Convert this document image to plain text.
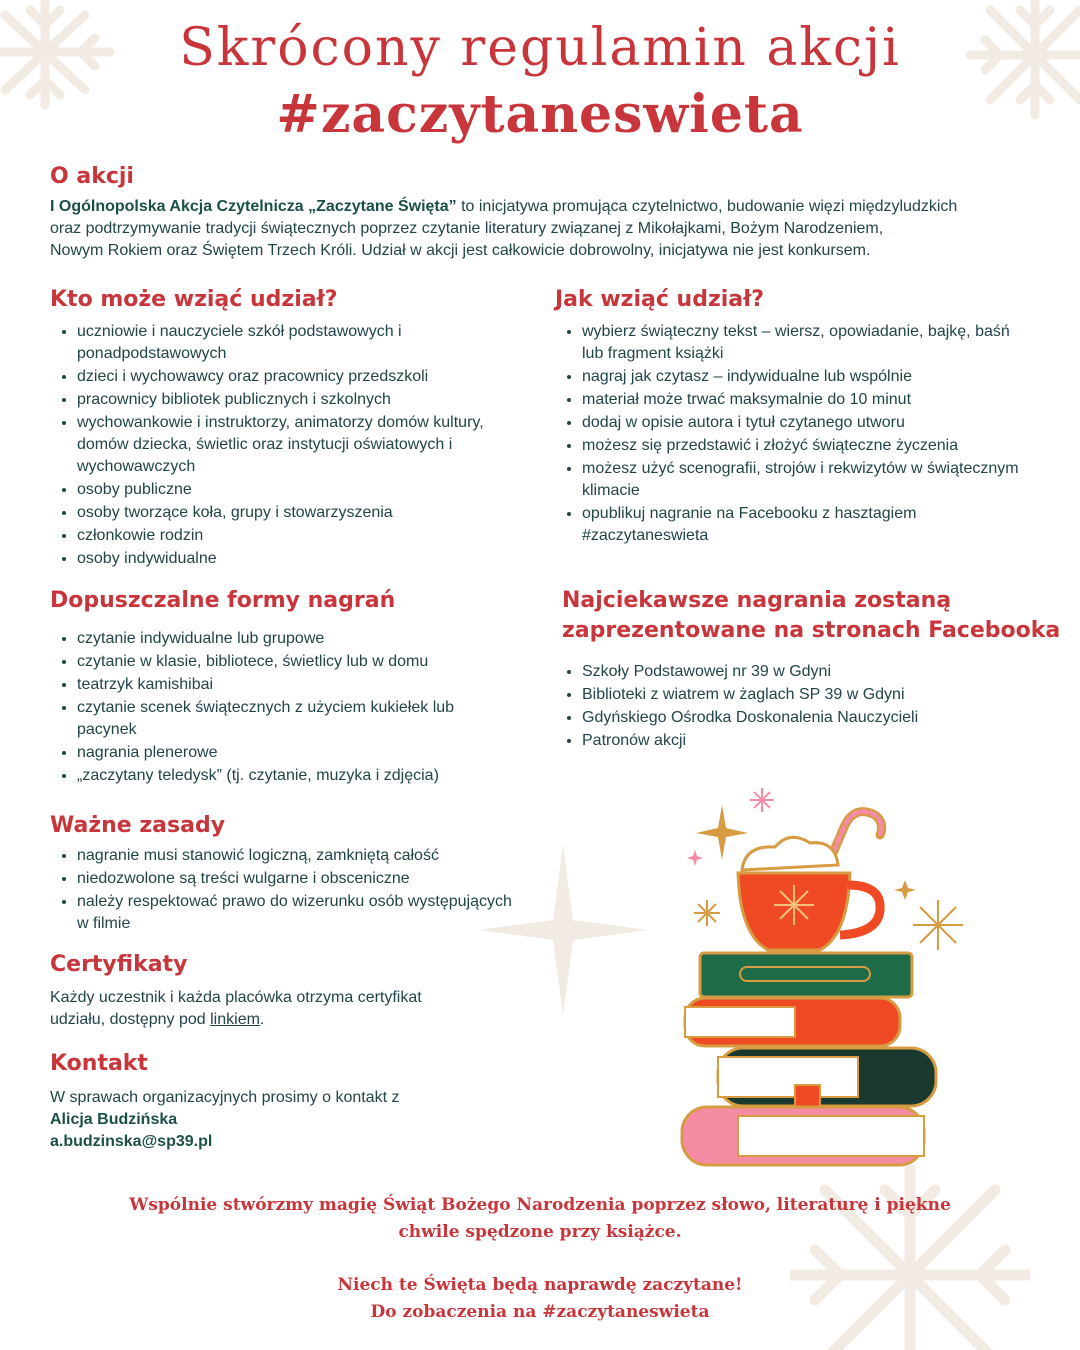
Skrócony regulamin akcji
#zaczytaneswieta
O akcji

I Ogólnopolska Akcja Czytelnicza „Zaczytane Święta” to inicjatywa promująca czytelnictwo, budowanie więzi międzyludzkich
oraz podtrzymywanie tradycji świątecznych poprzez czytanie literatury związanej z Mikołajkami, Bożym Narodzeniem,
Nowym Rokiem oraz Świętem Trzech Króli. Udział w akcji jest całkowicie dobrowolny, inicjatywa nie jest konkursem.

Kto może wziąć udział?
• uczniowie i nauczyciele szkół podstawowych i ponadpodstawowych
• dzieci i wychowawcy oraz pracownicy przedszkoli
• pracownicy bibliotek publicznych i szkolnych
• wychowankowie i instruktorzy, animatorzy domów kultury, domów dziecka, świetlic oraz instytucji oświatowych i wychowawczych
• osoby publiczne
• osoby tworzące koła, grupy i stowarzyszenia
• członkowie rodzin
• osoby indywidualne
Jak wziąć udział?
• wybierz świąteczny tekst – wiersz, opowiadanie, bajkę, baśń lub fragment książki
• nagraj jak czytasz – indywidualne lub wspólnie
• materiał może trwać maksymalnie do 10 minut
• dodaj w opisie autora i tytuł czytanego utworu
• możesz się przedstawić i złożyć świąteczne życzenia
• możesz użyć scenografii, strojów i rekwizytów w świątecznym klimacie
• opublikuj nagranie na Facebooku z hasztagiem #zaczytaneswieta
Dopuszczalne formy nagrań
• czytanie indywidualne lub grupowe
• czytanie w klasie, bibliotece, świetlicy lub w domu
• teatrzyk kamishibai
• czytanie scenek świątecznych z użyciem kukiełek lub pacynek
• nagrania plenerowe
• „zaczytany teledysk” (tj. czytanie, muzyka i zdjęcia)
Najciekawsze nagrania zostaną
zaprezentowane na stronach Facebooka
• Szkoły Podstawowej nr 39 w Gdyni
• Biblioteki z wiatrem w żaglach SP 39 w Gdyni
• Gdyńskiego Ośrodka Doskonalenia Nauczycieli
• Patronów akcji
Ważne zasady
• nagranie musi stanowić logiczną, zamkniętą całość
• niedozwolone są treści wulgarne i obsceniczne
• należy respektować prawo do wizerunku osób występujących w filmie
Certyfikaty

Każdy uczestnik i każda placówka otrzyma certyfikat
udziału, dostępny pod linkiem.

Kontakt

W sprawach organizacyjnych prosimy o kontakt z
Alicja Budzińska
a.budzinska@sp39.pl

Wspólnie stwórzmy magię Świąt Bożego Narodzenia poprzez słowo, literaturę i piękne
chwile spędzone przy książce.
Niech te Święta będą naprawdę zaczytane!
Do zobaczenia na #zaczytaneswieta
